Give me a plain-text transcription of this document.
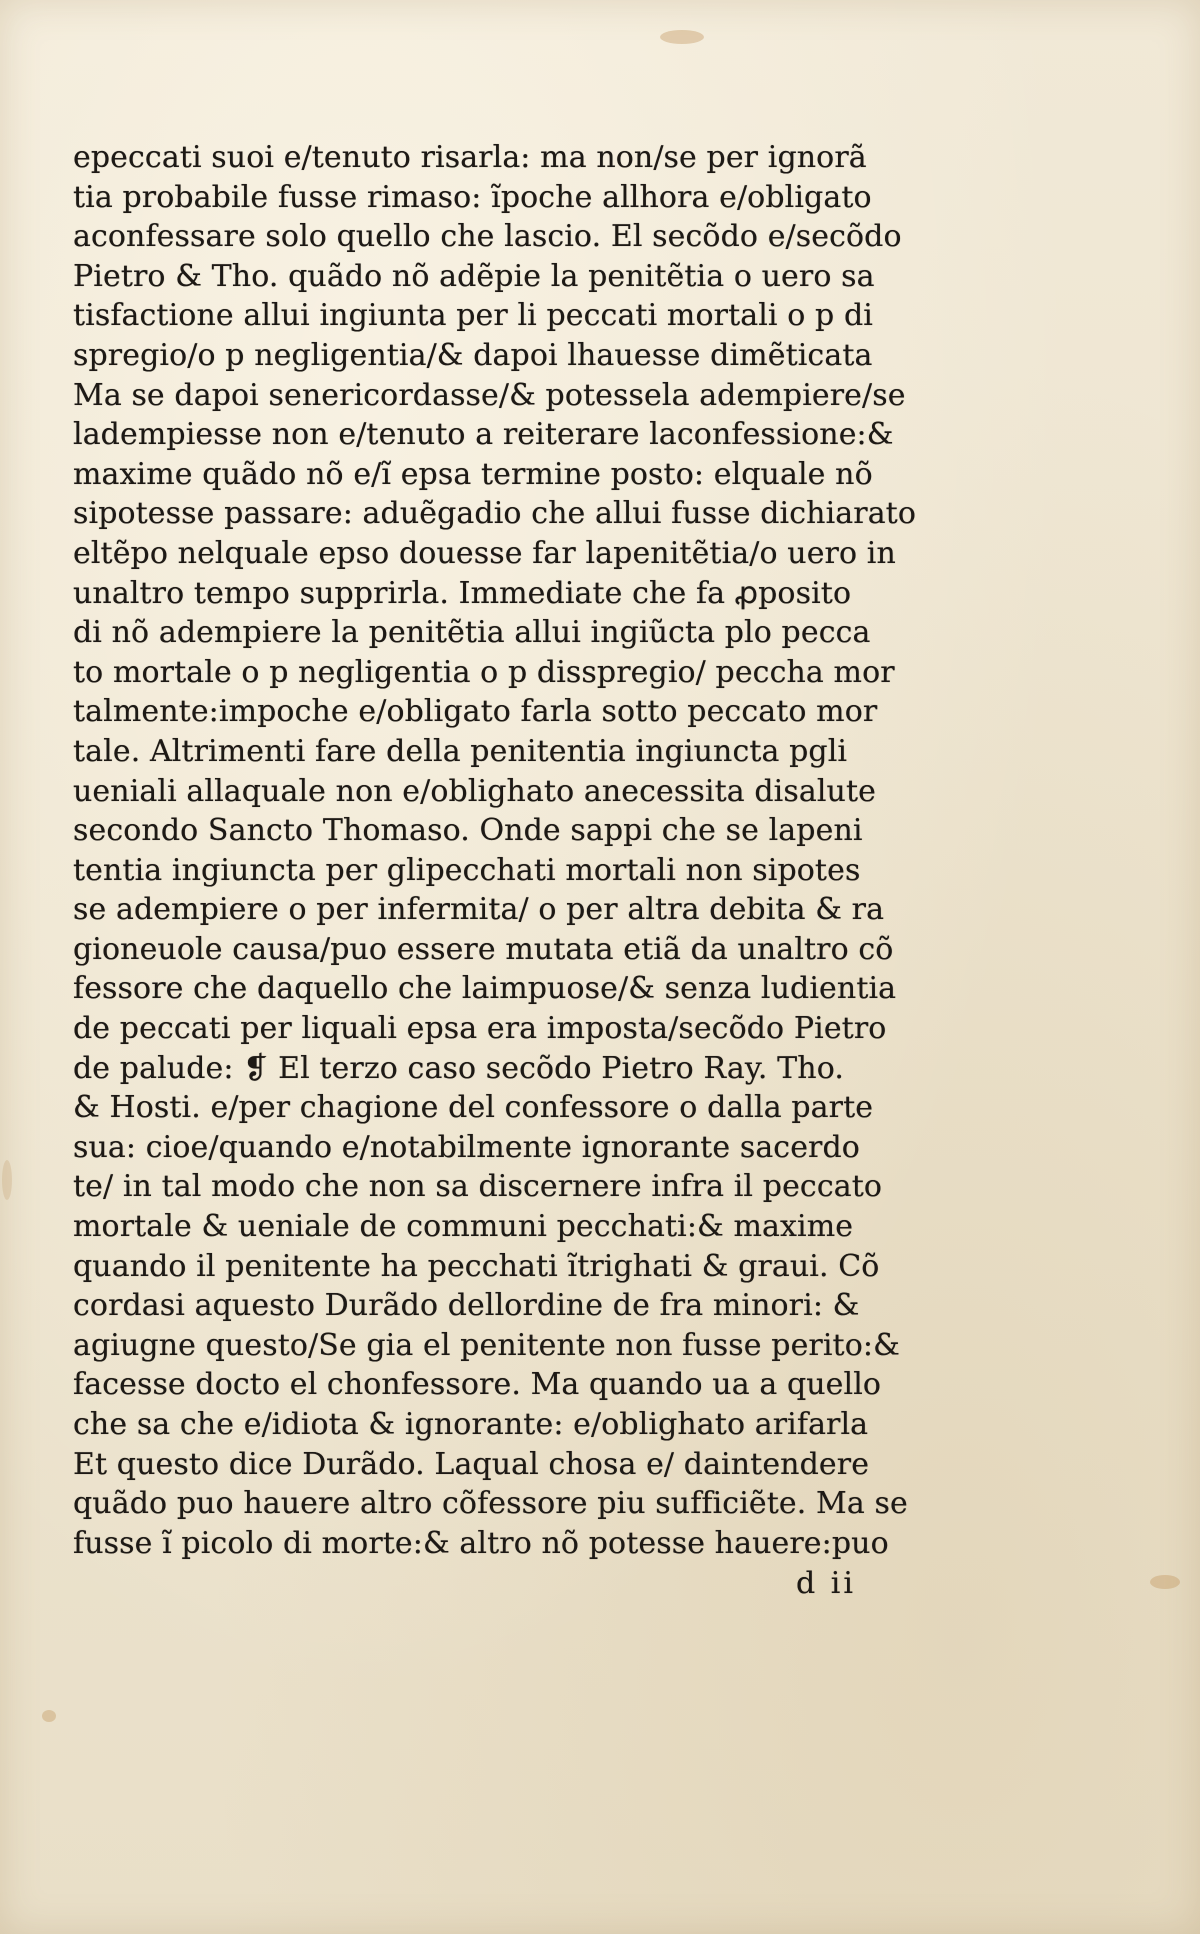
epeccati suoi e/tenuto risarla: ma non/se per ignorã
tia probabile fusse rimaso: ĩpoche allhora e/obligato
aconfessare solo quello che lascio. El secõdo e/secõdo
Pietro & Tho. quãdo nõ adẽpie la penitẽtia o uero sa
tisfactione allui ingiunta per li peccati mortali o p di
spregio/o p negligentia/& dapoi lhauesse dimẽticata
Ma se dapoi senericordasse/& potessela adempiere/se
ladempiesse non e/tenuto a reiterare laconfessione:&
maxime quãdo nõ e/ĩ epsa termine posto: elquale nõ
sipotesse passare: aduẽgadio che allui fusse dichiarato
eltẽpo nelquale epso douesse far lapenitẽtia/o uero in
unaltro tempo supprirla. Immediate che fa ꝓposito
di nõ adempiere la penitẽtia allui ingiũcta plo pecca
to mortale o p negligentia o p disspregio/ peccha mor
talmente:impoche e/obligato farla sotto peccato mor
tale. Altrimenti fare della penitentia ingiuncta pgli
ueniali allaquale non e/oblighato anecessita disalute
secondo Sancto Thomaso. Onde sappi che se lapeni
tentia ingiuncta per glipecchati mortali non sipotes
se adempiere o per infermita/ o per altra debita & ra
gioneuole causa/puo essere mutata etiã da unaltro cõ
fessore che daquello che laimpuose/& senza ludientia
de peccati per liquali epsa era imposta/secõdo Pietro
de palude: ❡ El terzo caso secõdo Pietro Ray. Tho.
& Hosti. e/per chagione del confessore o dalla parte
sua: cioe/quando e/notabilmente ignorante sacerdo
te/ in tal modo che non sa discernere infra il peccato
mortale & ueniale de communi pecchati:& maxime
quando il penitente ha pecchati ĩtrighati & graui. Cõ
cordasi aquesto Durãdo dellordine de fra minori: &
agiugne questo/Se gia el penitente non fusse perito:&
facesse docto el chonfessore. Ma quando ua a quello
che sa che e/idiota & ignorante: e/oblighato arifarla
Et questo dice Durãdo. Laqual chosa e/ daintendere
quãdo puo hauere altro cõfessore piu sufficiẽte. Ma se
fusse ĩ picolo di morte:& altro nõ potesse hauere:puo
d ii
